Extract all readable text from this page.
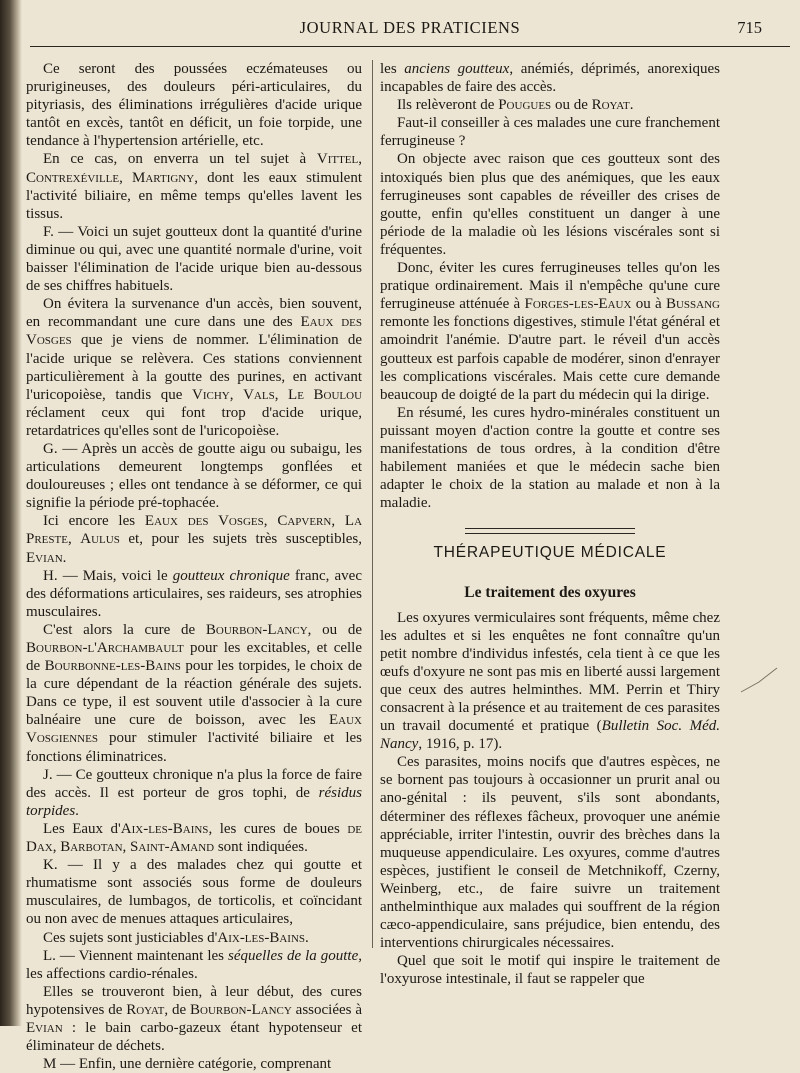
JOURNAL DES PRATICIENS	715

Ce seront des poussées eczémateuses ou prurigineuses, des douleurs péri-articulaires, du pityriasis, des éliminations irrégulières d'acide urique tantôt en excès, tantôt en déficit, un foie torpide, une tendance à l'hypertension artérielle, etc.

En ce cas, on enverra un tel sujet à Vittel, Contrexéville, Martigny, dont les eaux stimulent l'activité biliaire, en même temps qu'elles lavent les tissus.

F. — Voici un sujet goutteux dont la quantité d'urine diminue ou qui, avec une quantité normale d'urine, voit baisser l'élimination de l'acide urique bien au-dessous de ses chiffres habituels.

On évitera la survenance d'un accès, bien souvent, en recommandant une cure dans une des Eaux des Vosges que je viens de nommer. L'élimination de l'acide urique se relèvera. Ces stations conviennent particulièrement à la goutte des purines, en activant l'uricopoièse, tandis que Vichy, Vals, Le Boulou réclament ceux qui font trop d'acide urique, retardatrices qu'elles sont de l'uricopoièse.

G. — Après un accès de goutte aigu ou subaigu, les articulations demeurent longtemps gonflées et douloureuses ; elles ont tendance à se déformer, ce qui signifie la période pré-tophacée.

Ici encore les Eaux des Vosges, Capvern, La Preste, Aulus et, pour les sujets très susceptibles, Evian.

H. — Mais, voici le goutteux chronique franc, avec des déformations articulaires, ses raideurs, ses atrophies musculaires.

C'est alors la cure de Bourbon-Lancy, ou de Bourbon-l'Archambault pour les excitables, et celle de Bourbonne-les-Bains pour les torpides, le choix de la cure dépendant de la réaction générale des sujets. Dans ce type, il est souvent utile d'associer à la cure balnéaire une cure de boisson, avec les Eaux Vosgiennes pour stimuler l'activité biliaire et les fonctions éliminatrices.

J. — Ce goutteux chronique n'a plus la force de faire des accès. Il est porteur de gros tophi, de résidus torpides.

Les Eaux d'Aix-les-Bains, les cures de boues de Dax, Barbotan, Saint-Amand sont indiquées.

K. — Il y a des malades chez qui goutte et rhumatisme sont associés sous forme de douleurs musculaires, de lumbagos, de torticolis, et coïncidant ou non avec de menues attaques articulaires,

Ces sujets sont justiciables d'Aix-les-Bains.

L. — Viennent maintenant les séquelles de la goutte, les affections cardio-rénales.

Elles se trouveront bien, à leur début, des cures hypotensives de Royat, de Bourbon-Lancy associées à Evian : le bain carbo-gazeux étant hypotenseur et éliminateur de déchets.

M — Enfin, une dernière catégorie, comprenant

les anciens goutteux, anémiés, déprimés, anorexiques incapables de faire des accès.

Ils relèveront de Pougues ou de Royat.

Faut-il conseiller à ces malades une cure franchement ferrugineuse ?

On objecte avec raison que ces goutteux sont des intoxiqués bien plus que des anémiques, que les eaux ferrugineuses sont capables de réveiller des crises de goutte, enfin qu'elles constituent un danger à une période de la maladie où les lésions viscérales sont si fréquentes.

Donc, éviter les cures ferrugineuses telles qu'on les pratique ordinairement. Mais il n'empêche qu'une cure ferrugineuse atténuée à Forges-les-Eaux ou à Bussang remonte les fonctions digestives, stimule l'état général et amoindrit l'anémie. D'autre part. le réveil d'un accès goutteux est parfois capable de modérer, sinon d'enrayer les complications viscérales. Mais cette cure demande beaucoup de doigté de la part du médecin qui la dirige.

En résumé, les cures hydro-minérales constituent un puissant moyen d'action contre la goutte et contre ses manifestations de tous ordres, à la condition d'être habilement maniées et que le médecin sache bien adapter le choix de la station au malade et non à la maladie.

THÉRAPEUTIQUE MÉDICALE
Le traitement des oxyures

Les oxyures vermiculaires sont fréquents, même chez les adultes et si les enquêtes ne font connaître qu'un petit nombre d'individus infestés, cela tient à ce que les œufs d'oxyure ne sont pas mis en liberté aussi largement que ceux des autres helminthes. MM. Perrin et Thiry consacrent à la présence et au traitement de ces parasites un travail documenté et pratique (Bulletin Soc. Méd. Nancy, 1916, p. 17).

Ces parasites, moins nocifs que d'autres espèces, ne se bornent pas toujours à occasionner un prurit anal ou ano-génital : ils peuvent, s'ils sont abondants, déterminer des réflexes fâcheux, provoquer une anémie appréciable, irriter l'intestin, ouvrir des brèches dans la muqueuse appendiculaire. Les oxyures, comme d'autres espèces, justifient le conseil de Metchnikoff, Czerny, Weinberg, etc., de faire suivre un traitement anthelminthique aux malades qui souffrent de la région cæco-appendiculaire, sans préjudice, bien entendu, des interventions chirurgicales nécessaires.

Quel que soit le motif qui inspire le traitement de l'oxyurose intestinale, il faut se rappeler que
